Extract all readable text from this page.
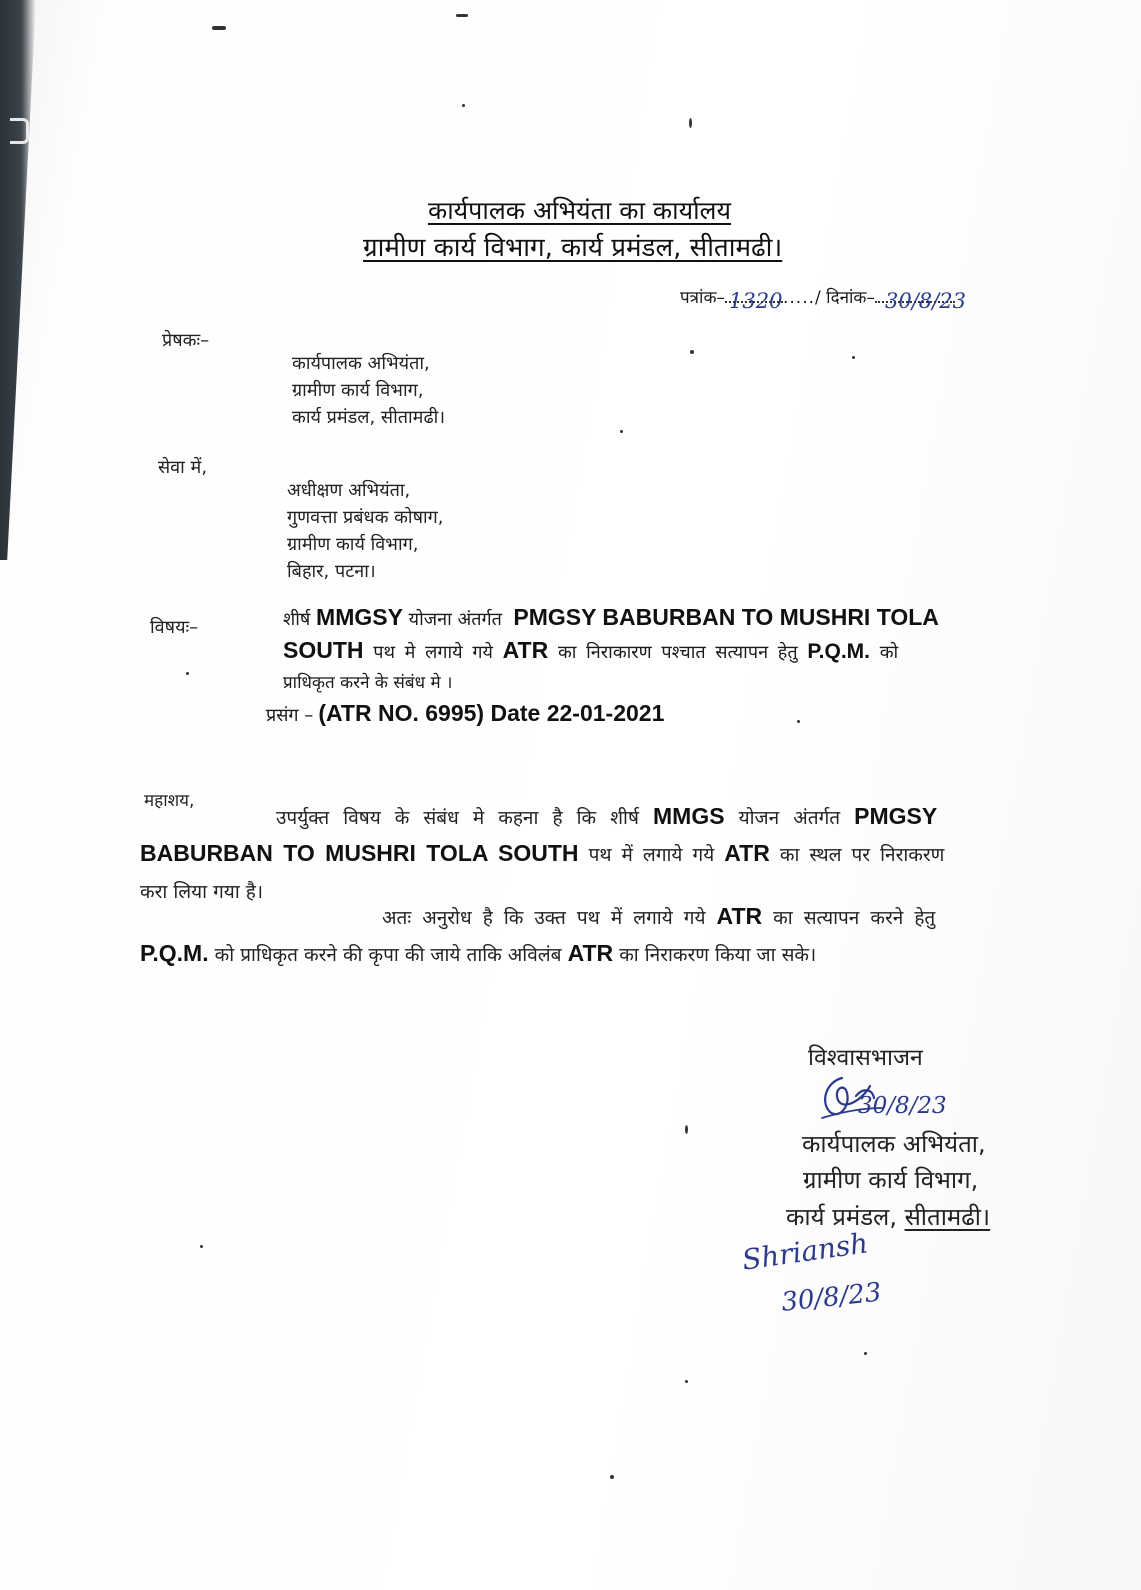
कार्यपालक अभियंता का कार्यालय
ग्रामीण कार्य विभाग, कार्य प्रमंडल, सीतामढी।
पत्रांक– 1320 ...../ दिनांक– 30/8/23
प्रेषकः–
कार्यपालक अभियंता,
ग्रामीण कार्य विभाग,
कार्य प्रमंडल, सीतामढी।
सेवा में,
अधीक्षण अभियंता,
गुणवत्ता प्रबंधक कोषाग,
ग्रामीण कार्य विभाग,
बिहार, पटना।
विषयः–	शीर्ष MMGSY योजना अंतर्गत PMGSY BABURBAN TO MUSHRI TOLA
SOUTH पथ मे लगाये गये ATR का निराकारण पश्चात सत्यापन हेतु P.Q.M. को
प्राधिकृत करने के संबंध मे ।
प्रसंग – (ATR NO. 6995) Date 22-01-2021
महाशय,
उपर्युक्त विषय के संबंध मे कहना है कि शीर्ष MMGS योजन अंतर्गत PMGSY
BABURBAN TO MUSHRI TOLA SOUTH पथ में लगाये गये ATR का स्थल पर निराकरण
करा लिया गया है।
अतः अनुरोध है कि उक्त पथ में लगाये गये ATR का सत्यापन करने हेतु
P.Q.M. को प्राधिकृत करने की कृपा की जाये ताकि अविलंब ATR का निराकरण किया जा सके।
विश्वासभाजन
30/8/23
कार्यपालक अभियंता,
ग्रामीण कार्य विभाग,
कार्य प्रमंडल, सीतामढी।
Shriansh
30/8/23
